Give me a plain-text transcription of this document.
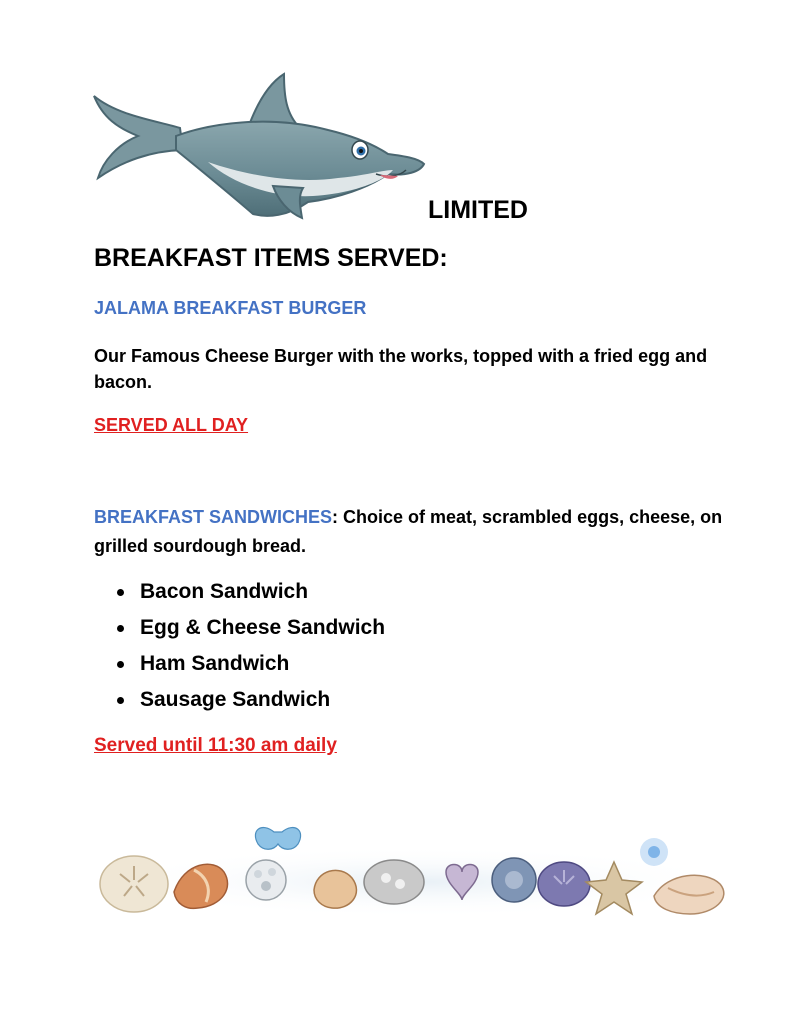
LIMITED
BREAKFAST ITEMS SERVED:
JALAMA BREAKFAST BURGER

Our Famous Cheese Burger with the works, topped with a fried egg and bacon.

SERVED ALL DAY

BREAKFAST SANDWICHES: Choice of meat, scrambled eggs, cheese, on grilled sourdough bread.

Bacon Sandwich
Egg & Cheese Sandwich
Ham Sandwich
Sausage Sandwich

Served until 11:30 am daily
